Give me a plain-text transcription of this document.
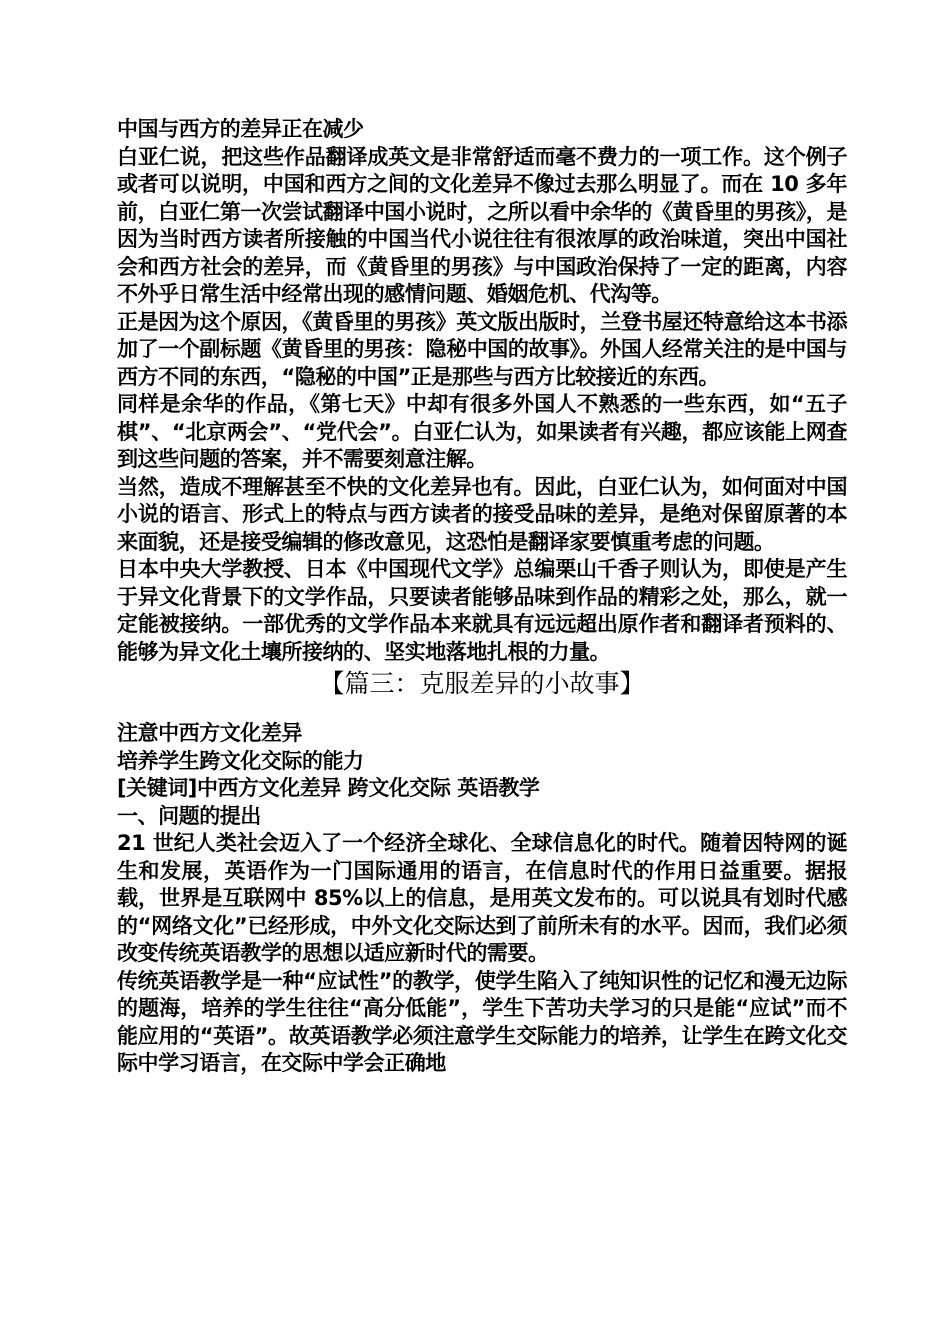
中国与西方的差异正在减少

白亚仁说，把这些作品翻译成英文是非常舒适而毫不费力的一项工作。这个例子或者可以说明，中国和西方之间的文化差异不像过去那么明显了。而在 10 多年前，白亚仁第一次尝试翻译中国小说时，之所以看中余华的《黄昏里的男孩》，是因为当时西方读者所接触的中国当代小说往往有很浓厚的政治味道，突出中国社会和西方社会的差异，而《黄昏里的男孩》与中国政治保持了一定的距离，内容不外乎日常生活中经常出现的感情问题、婚姻危机、代沟等。

正是因为这个原因，《黄昏里的男孩》英文版出版时，兰登书屋还特意给这本书添加了一个副标题《黄昏里的男孩：隐秘中国的故事》。外国人经常关注的是中国与西方不同的东西，“隐秘的中国”正是那些与西方比较接近的东西。

同样是余华的作品，《第七天》中却有很多外国人不熟悉的一些东西，如“五子棋”、“北京两会”、“党代会”。白亚仁认为，如果读者有兴趣，都应该能上网查到这些问题的答案，并不需要刻意注解。

当然，造成不理解甚至不快的文化差异也有。因此，白亚仁认为，如何面对中国小说的语言、形式上的特点与西方读者的接受品味的差异，是绝对保留原著的本来面貌，还是接受编辑的修改意见，这恐怕是翻译家要慎重考虑的问题。

日本中央大学教授、日本《中国现代文学》总编栗山千香子则认为，即使是产生于异文化背景下的文学作品，只要读者能够品味到作品的精彩之处，那么，就一定能被接纳。一部优秀的文学作品本来就具有远远超出原作者和翻译者预料的、能够为异文化土壤所接纳的、坚实地落地扎根的力量。

【篇三：克服差异的小故事】

注意中西方文化差异

培养学生跨文化交际的能力

[关键词]中西方文化差异 跨文化交际 英语教学

一、问题的提出

21 世纪人类社会迈入了一个经济全球化、全球信息化的时代。随着因特网的诞生和发展，英语作为一门国际通用的语言，在信息时代的作用日益重要。据报载，世界是互联网中 85%以上的信息，是用英文发布的。可以说具有划时代感的“网络文化”已经形成，中外文化交际达到了前所未有的水平。因而，我们必须改变传统英语教学的思想以适应新时代的需要。

传统英语教学是一种“应试性”的教学，使学生陷入了纯知识性的记忆和漫无边际的题海，培养的学生往往“高分低能”，学生下苦功夫学习的只是能“应试”而不能应用的“英语”。故英语教学必须注意学生交际能力的培养，让学生在跨文化交际中学习语言，在交际中学会正确地
